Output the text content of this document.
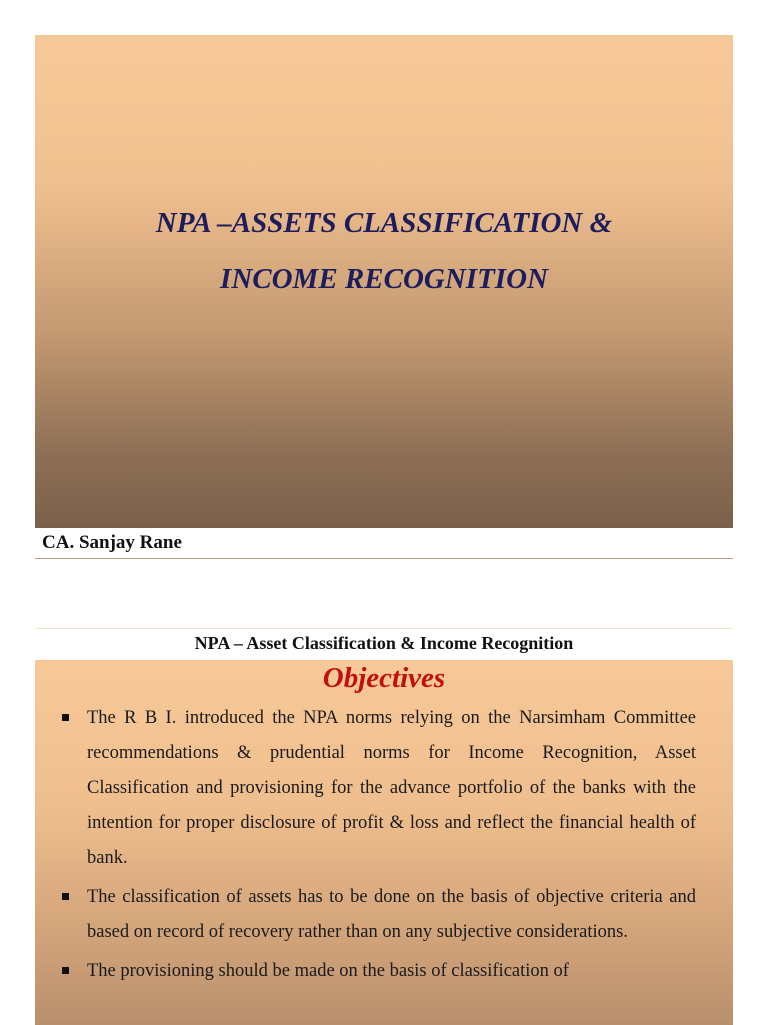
NPA –ASSETS CLASSIFICATION &
INCOME RECOGNITION
CA. Sanjay Rane
NPA – Asset Classification & Income Recognition
Objectives
The R B I. introduced the NPA norms relying on the Narsimham Committee recommendations & prudential norms for Income Recognition, Asset Classification and provisioning for the advance portfolio of the banks with the intention for proper disclosure of profit & loss and reflect the financial health of bank.
The classification of assets has to be done on the basis of objective criteria and based on record of recovery rather than on any subjective considerations.
The provisioning should be made on the basis of classification of
